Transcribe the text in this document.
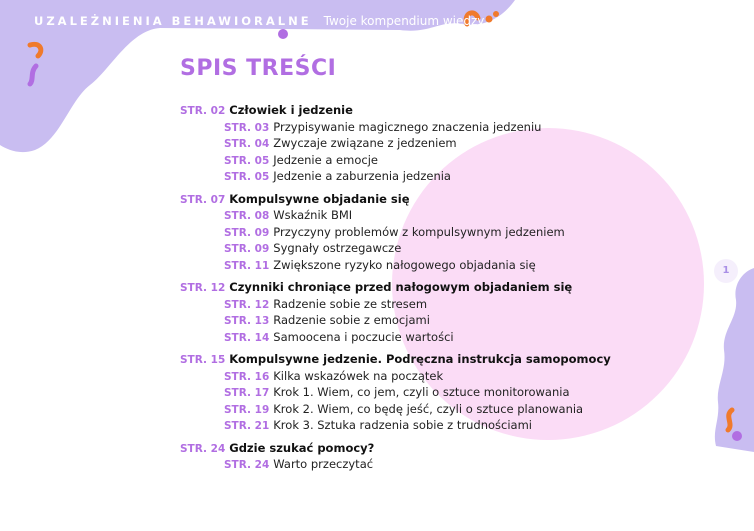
UZALEŻNIENIA BEHAWIORALNE Twoje kompendium wiedzy
1
SPIS TREŚCI
STR. 02 Człowiek i jedzenie
STR. 03 Przypisywanie magicznego znaczenia jedzeniu
STR. 04 Zwyczaje związane z jedzeniem
STR. 05 Jedzenie a emocje
STR. 05 Jedzenie a zaburzenia jedzenia
STR. 07 Kompulsywne objadanie się
STR. 08 Wskaźnik BMI
STR. 09 Przyczyny problemów z kompulsywnym jedzeniem
STR. 09 Sygnały ostrzegawcze
STR. 11 Zwiększone ryzyko nałogowego objadania się
STR. 12 Czynniki chroniące przed nałogowym objadaniem się
STR. 12 Radzenie sobie ze stresem
STR. 13 Radzenie sobie z emocjami
STR. 14 Samoocena i poczucie wartości
STR. 15 Kompulsywne jedzenie. Podręczna instrukcja samopomocy
STR. 16 Kilka wskazówek na początek
STR. 17 Krok 1. Wiem, co jem, czyli o sztuce monitorowania
STR. 19 Krok 2. Wiem, co będę jeść, czyli o sztuce planowania
STR. 21 Krok 3. Sztuka radzenia sobie z trudnościami
STR. 24 Gdzie szukać pomocy?
STR. 24 Warto przeczytać
